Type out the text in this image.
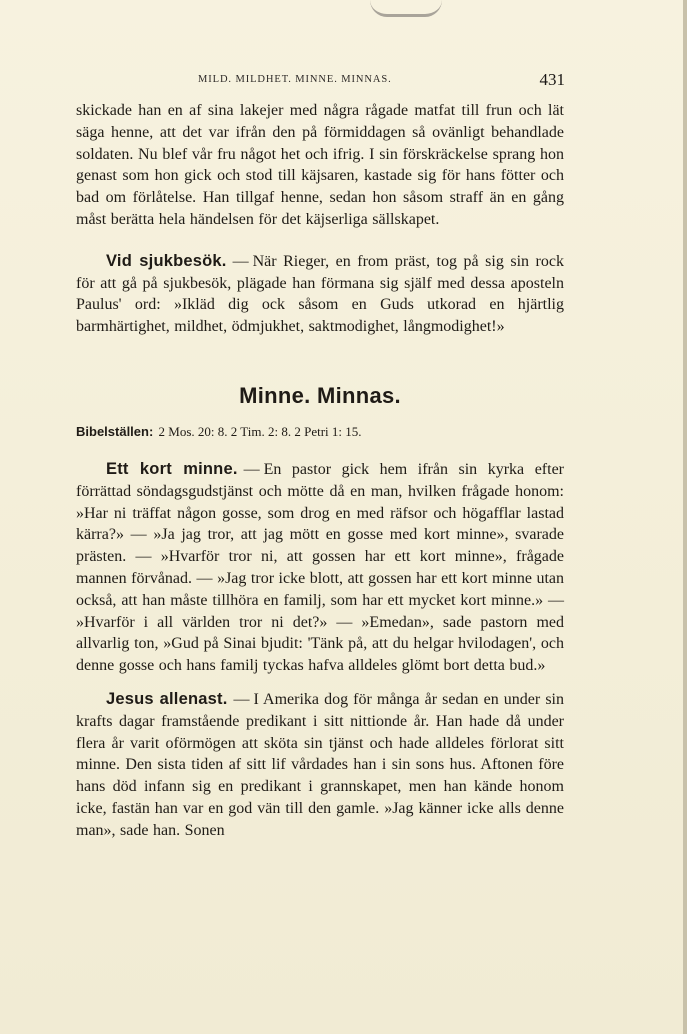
MILD. MILDHET. MINNE. MINNAS.	431

skickade han en af sina lakejer med några rågade matfat till frun och lät säga henne, att det var ifrån den på förmiddagen så ovänligt behandlade soldaten. Nu blef vår fru något het och ifrig. I sin förskräckelse sprang hon genast som hon gick och stod till käjsaren, kastade sig för hans fötter och bad om förlåtelse. Han tillgaf henne, sedan hon såsom straff än en gång måst berätta hela händelsen för det käjserliga sällskapet.

Vid sjukbesök. — När Rieger, en from präst, tog på sig sin rock för att gå på sjukbesök, plägade han förmana sig själf med dessa aposteln Paulus' ord: »Ikläd dig ock såsom en Guds utkorad en hjärtlig barmhärtighet, mildhet, ödmjukhet, saktmodighet, långmodighet!»

Minne. Minnas.
Bibelställen: 2 Mos. 20: 8. 2 Tim. 2: 8. 2 Petri 1: 15.

Ett kort minne. — En pastor gick hem ifrån sin kyrka efter förrättad söndagsgudstjänst och mötte då en man, hvilken frågade honom: »Har ni träffat någon gosse, som drog en med räfsor och högafflar lastad kärra?» — »Ja jag tror, att jag mött en gosse med kort minne», svarade prästen. — »Hvarför tror ni, att gossen har ett kort minne», frågade mannen förvånad. — »Jag tror icke blott, att gossen har ett kort minne utan också, att han måste tillhöra en familj, som har ett mycket kort minne.» — »Hvarför i all världen tror ni det?» — »Emedan», sade pastorn med allvarlig ton, »Gud på Sinai bjudit: 'Tänk på, att du helgar hvilodagen', och denne gosse och hans familj tyckas hafva alldeles glömt bort detta bud.»

Jesus allenast. — I Amerika dog för många år sedan en under sin krafts dagar framstående predikant i sitt nittionde år. Han hade då under flera år varit oförmögen att sköta sin tjänst och hade alldeles förlorat sitt minne. Den sista tiden af sitt lif vårdades han i sin sons hus. Aftonen före hans död infann sig en predikant i grannskapet, men han kände honom icke, fastän han var en god vän till den gamle. »Jag känner icke alls denne man», sade han. Sonen
